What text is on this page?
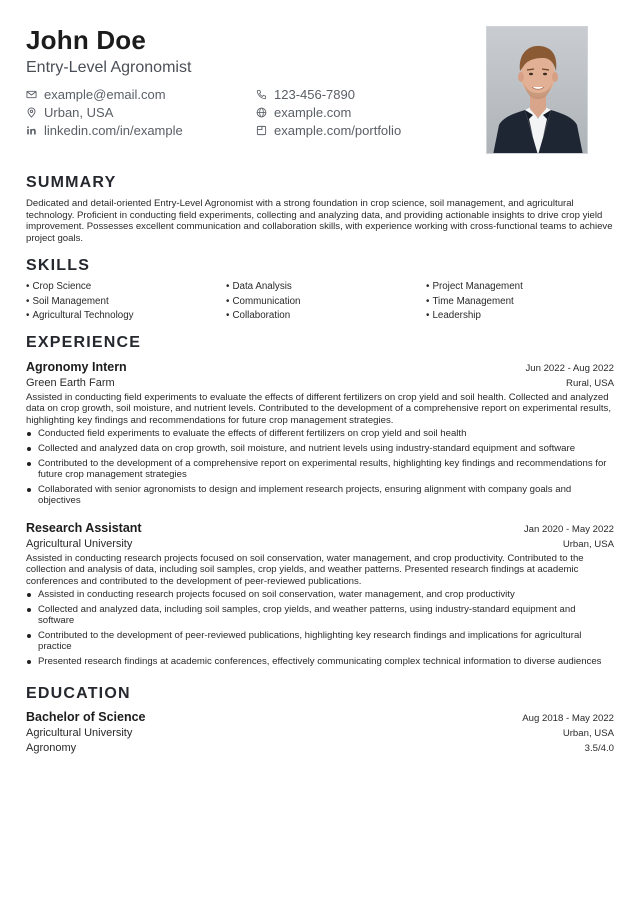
John Doe
Entry-Level Agronomist
example@email.com	123-456-7890
Urban, USA	example.com
linkedin.com/in/example	example.com/portfolio
SUMMARY
Dedicated and detail-oriented Entry-Level Agronomist with a strong foundation in crop science, soil management, and agricultural technology. Proficient in conducting field experiments, collecting and analyzing data, and providing actionable insights to drive crop yield improvement. Possesses excellent communication and collaboration skills, with experience working with cross-functional teams to achieve project goals.
SKILLS
• Crop Science	• Data Analysis	• Project Management
• Soil Management	• Communication	• Time Management
• Agricultural Technology	• Collaboration	• Leadership
EXPERIENCE
Agronomy Intern	Jun 2022 - Aug 2022
Green Earth Farm	Rural, USA
Assisted in conducting field experiments to evaluate the effects of different fertilizers on crop yield and soil health. Collected and analyzed data on crop growth, soil moisture, and nutrient levels. Contributed to the development of a comprehensive report on experimental results, highlighting key findings and recommendations for future crop management strategies.
Conducted field experiments to evaluate the effects of different fertilizers on crop yield and soil health
Collected and analyzed data on crop growth, soil moisture, and nutrient levels using industry-standard equipment and software
Contributed to the development of a comprehensive report on experimental results, highlighting key findings and recommendations for future crop management strategies
Collaborated with senior agronomists to design and implement research projects, ensuring alignment with company goals and objectives
Research Assistant	Jan 2020 - May 2022
Agricultural University	Urban, USA
Assisted in conducting research projects focused on soil conservation, water management, and crop productivity. Contributed to the collection and analysis of data, including soil samples, crop yields, and weather patterns. Presented research findings at academic conferences and contributed to the development of peer-reviewed publications.
Assisted in conducting research projects focused on soil conservation, water management, and crop productivity
Collected and analyzed data, including soil samples, crop yields, and weather patterns, using industry-standard equipment and software
Contributed to the development of peer-reviewed publications, highlighting key research findings and implications for agricultural practice
Presented research findings at academic conferences, effectively communicating complex technical information to diverse audiences
EDUCATION
Bachelor of Science	Aug 2018 - May 2022
Agricultural University	Urban, USA
Agronomy	3.5/4.0
